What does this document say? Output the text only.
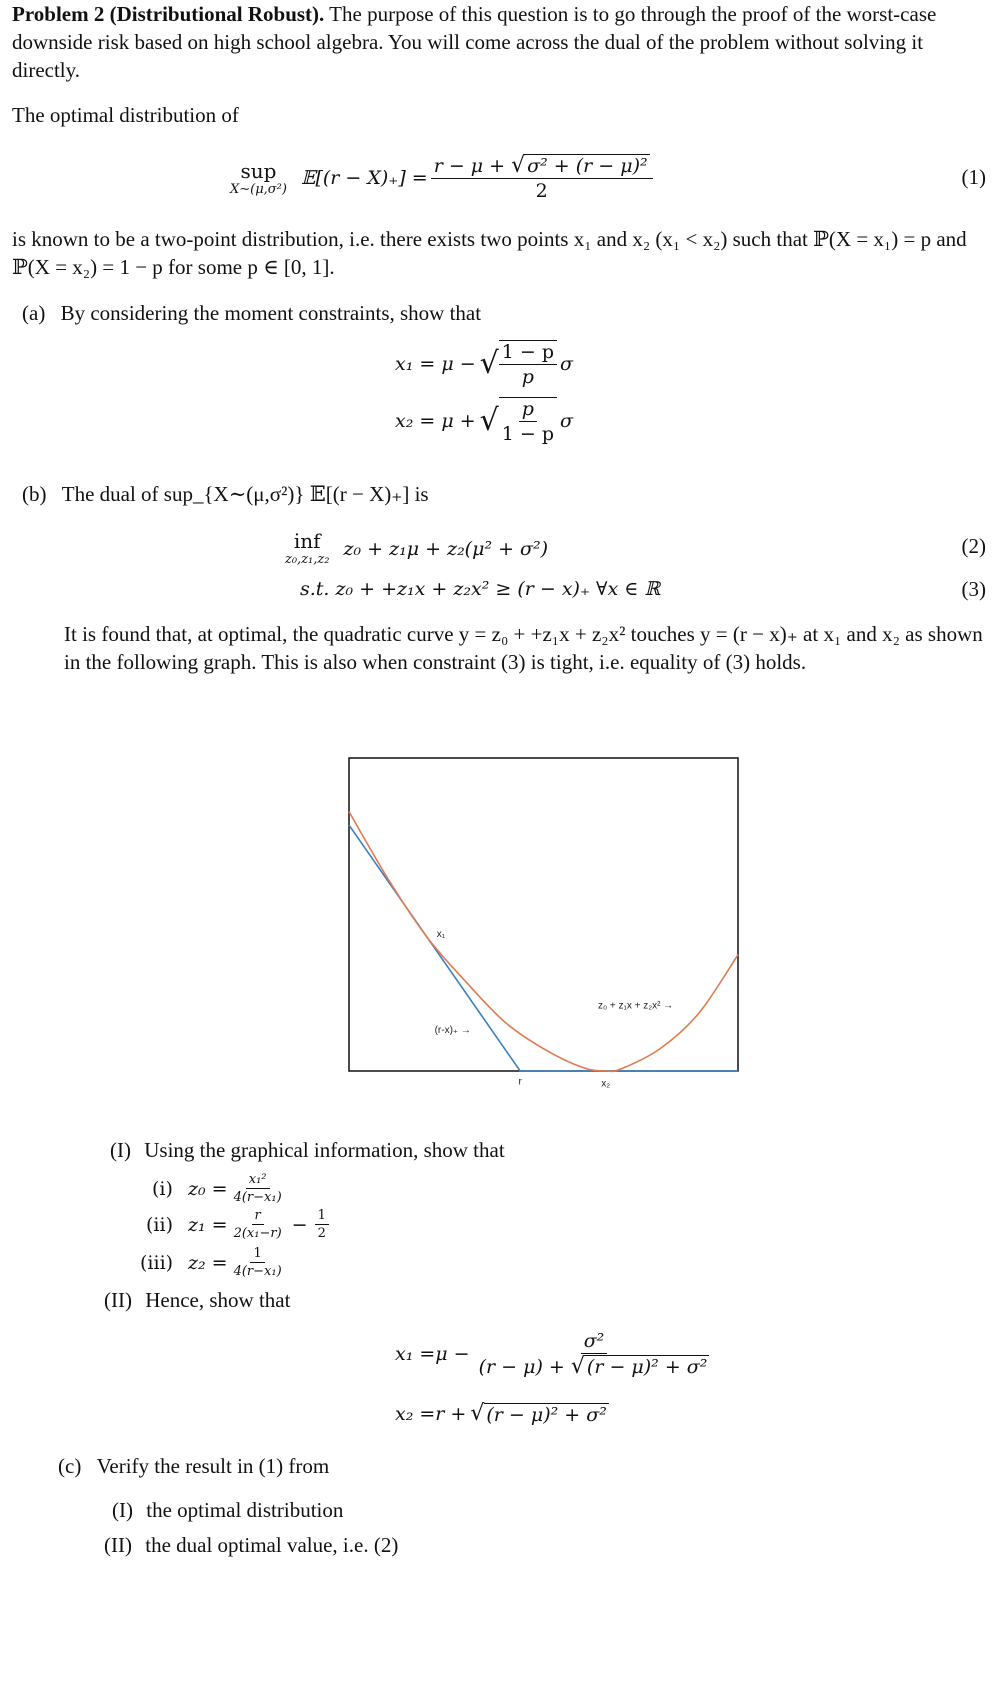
Problem 2 (Distributional Robust). The purpose of this question is to go through the proof of the worst-case downside risk based on high school algebra. You will come across the dual of the problem without solving it directly.

The optimal distribution of
sup
X∼(μ,σ²) 𝔼[(r − $X)_+] = \frac{\text{r − μ + √ σ² + (r − μ)²}}{2}$	(1)
is known to be a two-point distribution, i.e. there exists two points x₁ and x₂ (x₁ < x₂) such that ℙ(X = x₁) = p and ℙ(X = x₂) = 1 − p for some p ∈ [0, 1].
(a) By considering the moment constraints, show that
x₁ = μ − √ $\frac{1 - p}{p}$ σ
x₂ = μ + √ $\frac{p}{1 - p}$ σ
(b) The dual of sup_{X∼(μ,σ²)} 𝔼[(r − X)₊] is
inf
z₀,z₁,z₂ z₀ + z₁μ + z₂(μ² + σ²)	(2)
s.t. z₀ + +z₁x + z₂x² ≥ (r − x)₊ ∀x ∈ ℝ	(3)
It is found that, at optimal, the quadratic curve y = z₀ + +z₁x + z₂x² touches y = (r − x)₊ at x₁ and x₂ as shown in the following graph. This is also when constraint (3) is tight, i.e. equality of (3) holds.
x₁
(r-x)₊ →
r	x₂
z₀ + z₁x + z₂x² →
(I) Using the graphical information, show that
(i) $z_0 = \frac{\text{x₁²}}{\text{4(r−x₁)}}$
(ii) $z_1 = \frac{r}{\text{2(x₁−r)}} - \frac{1}{2}$
(iii) $z_2 = \frac{1}{\text{4(r−x₁)}}$
(II) Hence, show that
$x_1 =\mu - \frac{\text{σ²}}{\text{(r − μ) + √ (r − μ)² + σ²}}$
x₂ =r + √ (r − μ)² + σ²
(c) Verify the result in (1) from
(I) the optimal distribution
(II) the dual optimal value, i.e. (2)
